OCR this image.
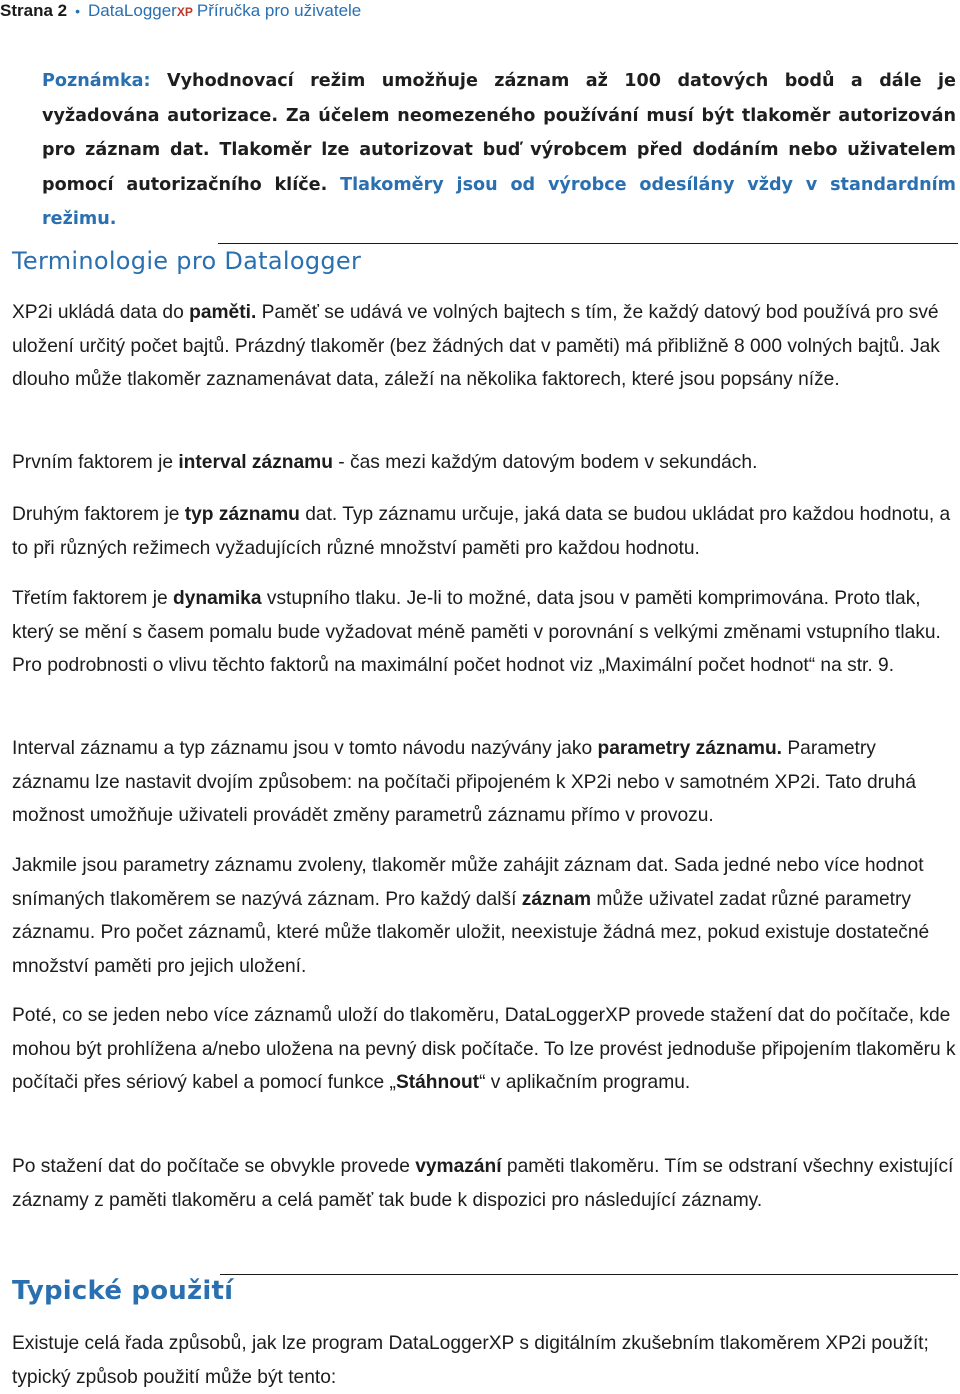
Strana 2 • DataLoggerXP Příručka pro uživatele

Poznámka: Vyhodnovací režim umožňuje záznam až 100 datových bodů a dále je vyžadována autorizace. Za účelem neomezeného používání musí být tlakoměr autorizován pro záznam dat. Tlakoměr lze autorizovat buď výrobcem před dodáním nebo uživatelem pomocí autorizačního klíče. Tlakoměry jsou od výrobce odesílány vždy v standardním režimu.

Terminologie pro Datalogger

XP2i ukládá data do paměti. Paměť se udává ve volných bajtech s tím, že každý datový bod používá pro své uložení určitý počet bajtů. Prázdný tlakoměr (bez žádných dat v paměti) má přibližně 8 000 volných bajtů. Jak dlouho může tlakoměr zaznamenávat data, záleží na několika faktorech, které jsou popsány níže.

Prvním faktorem je interval záznamu - čas mezi každým datovým bodem v sekundách.

Druhým faktorem je typ záznamu dat. Typ záznamu určuje, jaká data se budou ukládat pro každou hodnotu, a to při různých režimech vyžadujících různé množství paměti pro každou hodnotu.

Třetím faktorem je dynamika vstupního tlaku. Je-li to možné, data jsou v paměti komprimována. Proto tlak, který se mění s časem pomalu bude vyžadovat méně paměti v porovnání s velkými změnami vstupního tlaku. Pro podrobnosti o vlivu těchto faktorů na maximální počet hodnot viz „Maximální počet hodnot“ na str. 9.

Interval záznamu a typ záznamu jsou v tomto návodu nazývány jako parametry záznamu. Parametry záznamu lze nastavit dvojím způsobem: na počítači připojeném k XP2i nebo v samotném XP2i. Tato druhá možnost umožňuje uživateli provádět změny parametrů záznamu přímo v provozu.

Jakmile jsou parametry záznamu zvoleny, tlakoměr může zahájit záznam dat. Sada jedné nebo více hodnot snímaných tlakoměrem se nazývá záznam. Pro každý další záznam může uživatel zadat různé parametry záznamu. Pro počet záznamů, které může tlakoměr uložit, neexistuje žádná mez, pokud existuje dostatečné množství paměti pro jejich uložení.

Poté, co se jeden nebo více záznamů uloží do tlakoměru, DataLoggerXP provede stažení dat do počítače, kde mohou být prohlížena a/nebo uložena na pevný disk počítače. To lze provést jednoduše připojením tlakoměru k počítači přes sériový kabel a pomocí funkce „Stáhnout“ v aplikačním programu.

Po stažení dat do počítače se obvykle provede vymazání paměti tlakoměru. Tím se odstraní všechny existující záznamy z paměti tlakoměru a celá paměť tak bude k dispozici pro následující záznamy.

Typické použití

Existuje celá řada způsobů, jak lze program DataLoggerXP s digitálním zkušebním tlakoměrem XP2i použít; typický způsob použití může být tento:
